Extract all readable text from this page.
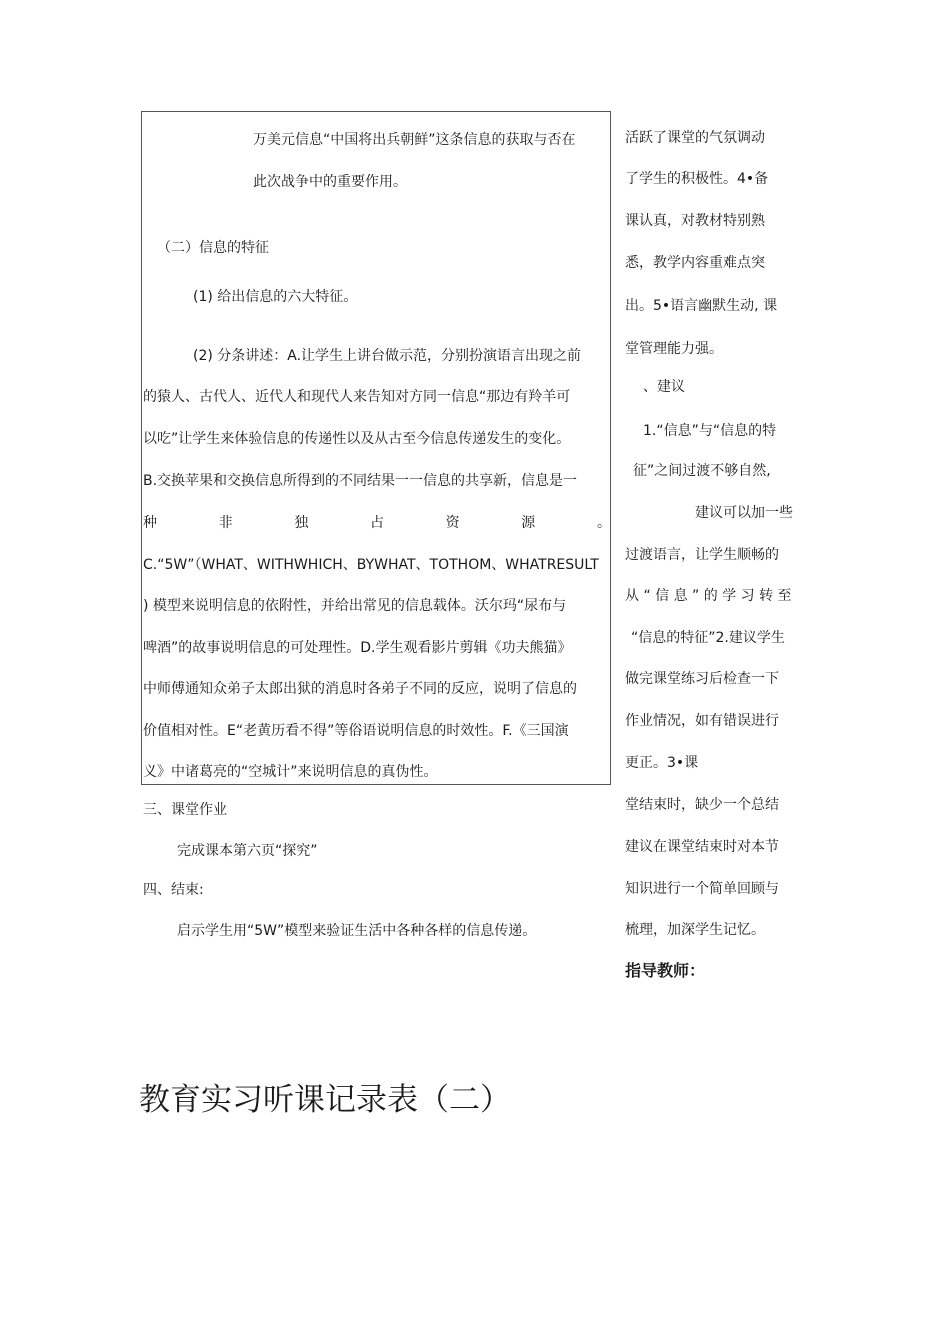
万美元信息“中国将出兵朝鲜”这条信息的获取与否在
此次战争中的重要作用。
（二）信息的特征
(1) 给出信息的六大特征。
(2) 分条讲述：A.让学生上讲台做示范，分别扮演语言出现之前
的猿人、古代人、近代人和现代人来告知对方同一信息“那边有羚羊可
以吃”让学生来体验信息的传递性以及从古至今信息传递发生的变化。
B.交换苹果和交换信息所得到的不同结果一一信息的共享新，信息是一
种	非	独	占	资	源	。
C.“5W”（WHAT、WITHWHICH、BYWHAT、TOTHOM、WHATRESULT
) 模型来说明信息的依附性，并给出常见的信息载体。沃尔玛“尿布与
啤酒”的故事说明信息的可处理性。D.学生观看影片剪辑《功夫熊猫》
中师傅通知众弟子太郎出狱的消息时各弟子不同的反应，说明了信息的
价值相对性。E“老黄历看不得”等俗语说明信息的时效性。F.《三国演
义》中诸葛亮的“空城计”来说明信息的真伪性。
三、课堂作业
完成课本第六页“探究”
四、结束:
启示学生用“5W”模型来验证生活中各种各样的信息传递。
活跃了课堂的气氛调动
了学生的积极性。4•备
课认真，对教材特别熟
悉，教学内容重难点突
出。5•语言幽默生动, 课
堂管理能力强。
、建议
1.“信息”与“信息的特
征”之间过渡不够自然,
建议可以加一些
过渡语言，让学生顺畅的
从 “ 信 息 ” 的 学 习 转 至
“信息的特征”2.建议学生
做完课堂练习后检查一下
作业情况，如有错误进行
更正。3•课
堂结束时，缺少一个总结
建议在课堂结束时对本节
知识进行一个简单回顾与
梳理，加深学生记忆。
指导教师：
教育实习听课记录表（二）
